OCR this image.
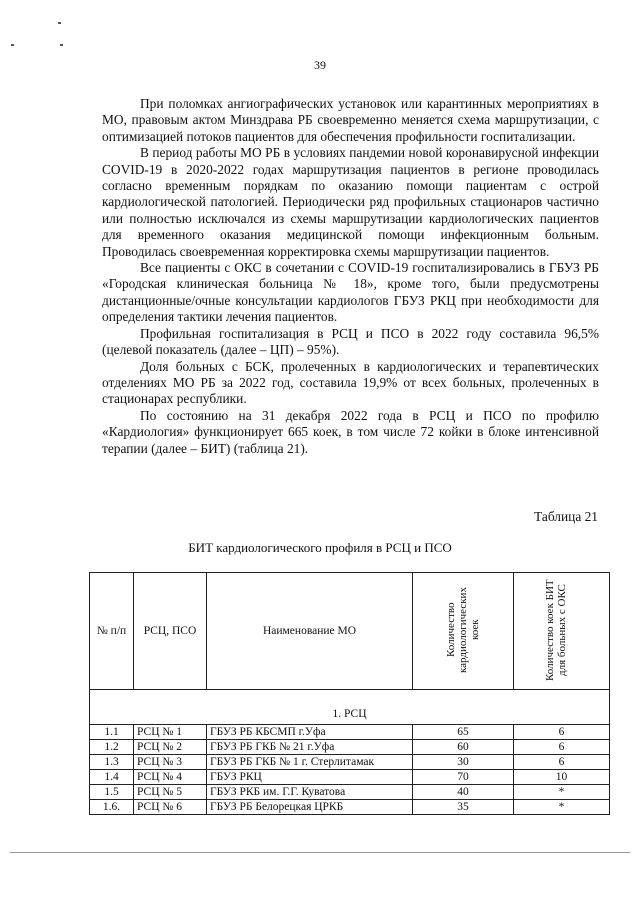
39

При поломках ангиографических установок или карантинных мероприятиях в МО, правовым актом Минздрава РБ своевременно меняется схема маршрутизации, с оптимизацией потоков пациентов для обеспечения профильности госпитализации.

В период работы МО РБ в условиях пандемии новой коронавирусной инфекции COVID-19 в 2020-2022 годах маршрутизация пациентов в регионе проводилась согласно временным порядкам по оказанию помощи пациентам с острой кардиологической патологией. Периодически ряд профильных стационаров частично или полностью исключался из схемы маршрутизации кардиологических пациентов для временного оказания медицинской помощи инфекционным больным. Проводилась своевременная корректировка схемы маршрутизации пациентов.

Все пациенты с ОКС в сочетании с COVID-19 госпитализировались в ГБУЗ РБ «Городская клиническая больница № 18», кроме того, были предусмотрены дистанционные/очные консультации кардиологов ГБУЗ РКЦ при необходимости для определения тактики лечения пациентов.

Профильная госпитализация в РСЦ и ПСО в 2022 году составила 96,5% (целевой показатель (далее – ЦП) – 95%).

Доля больных с БСК, пролеченных в кардиологических и терапевтических отделениях МО РБ за 2022 год, составила 19,9% от всех больных, пролеченных в стационарах республики.

По состоянию на 31 декабря 2022 года в РСЦ и ПСО по профилю «Кардиология» функционирует 665 коек, в том числе 72 койки в блоке интенсивной терапии (далее – БИТ) (таблица 21).

Таблица 21
БИТ кардиологического профиля в РСЦ и ПСО
№ п/п	РСЦ, ПСО	Наименование МО	Количество кардиологических коек	Количество коек БИТ для больных с ОКС
1. РСЦ				
1.1	РСЦ № 1	ГБУЗ РБ КБСМП г.Уфа	65	6
1.2	РСЦ № 2	ГБУЗ РБ ГКБ № 21 г.Уфа	60	6
1.3	РСЦ № 3	ГБУЗ РБ ГКБ № 1 г. Стерлитамак	30	6
1.4	РСЦ № 4	ГБУЗ РКЦ	70	10
1.5	РСЦ № 5	ГБУЗ РКБ им. Г.Г. Куватова	40	*
1.6.	РСЦ № 6	ГБУЗ РБ Белорецкая ЦРКБ	35	*
